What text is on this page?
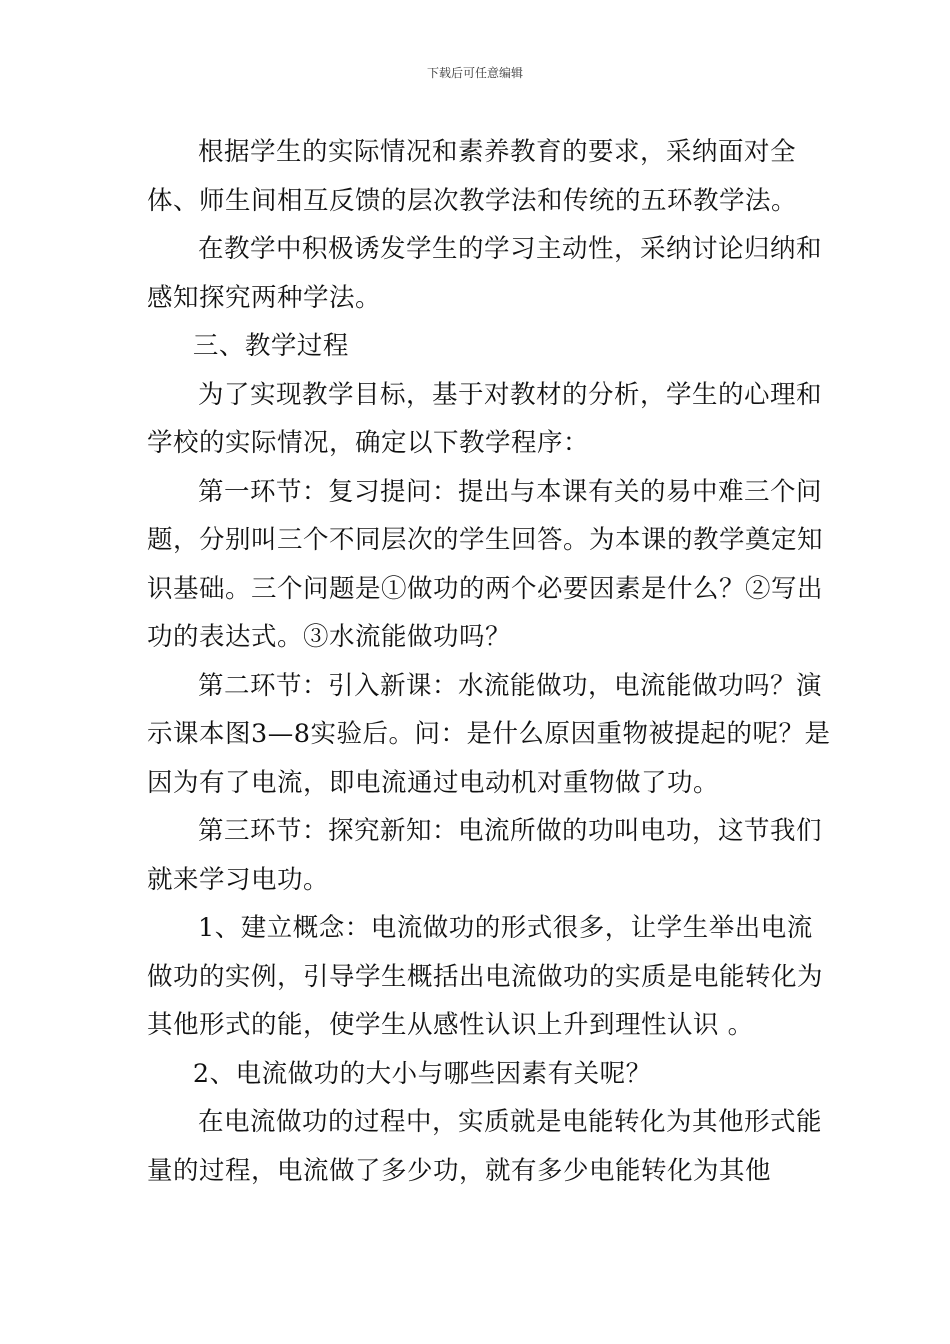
下载后可任意编辑

根据学生的实际情况和素养教育的要求，采纳面对全体、师生间相互反馈的层次教学法和传统的五环教学法。

在教学中积极诱发学生的学习主动性，采纳讨论归纳和感知探究两种学法。

三、教学过程

为了实现教学目标，基于对教材的分析，学生的心理和学校的实际情况，确定以下教学程序：

第一环节：复习提问：提出与本课有关的易中难三个问题，分别叫三个不同层次的学生回答。为本课的教学奠定知识基础。三个问题是①做功的两个必要因素是什么？②写出功的表达式。③水流能做功吗？

第二环节：引入新课：水流能做功，电流能做功吗？演示课本图3—8实验后。问：是什么原因重物被提起的呢？是因为有了电流，即电流通过电动机对重物做了功。

第三环节：探究新知：电流所做的功叫电功，这节我们就来学习电功。

1、建立概念：电流做功的形式很多，让学生举出电流做功的实例，引导学生概括出电流做功的实质是电能转化为其他形式的能，使学生从感性认识上升到理性认识 。

2、电流做功的大小与哪些因素有关呢？

在电流做功的过程中，实质就是电能转化为其他形式能量的过程，电流做了多少功，就有多少电能转化为其他
